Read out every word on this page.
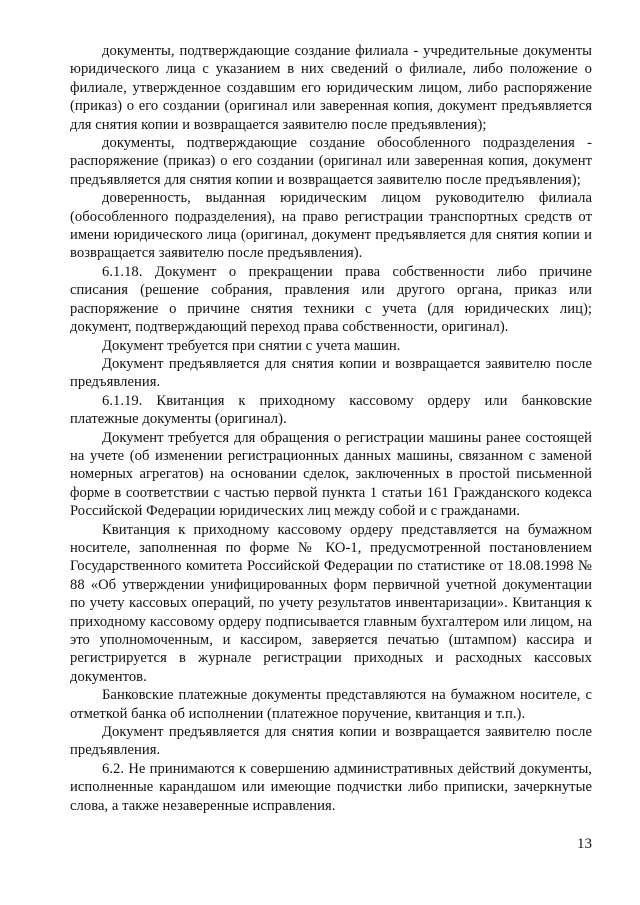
документы, подтверждающие создание филиала - учредительные документы юридического лица с указанием в них сведений о филиале, либо положение о филиале, утвержденное создавшим его юридическим лицом, либо распоряжение (приказ) о его создании (оригинал или заверенная копия, документ предъявляется для снятия копии и возвращается заявителю после предъявления);

документы, подтверждающие создание обособленного подразделения - распоряжение (приказ) о его создании (оригинал или заверенная копия, документ предъявляется для снятия копии и возвращается заявителю после предъявления);

доверенность, выданная юридическим лицом руководителю филиала (обособленного подразделения), на право регистрации транспортных средств от имени юридического лица (оригинал, документ предъявляется для снятия копии и возвращается заявителю после предъявления).

6.1.18. Документ о прекращении права собственности либо причине списания (решение собрания, правления или другого органа, приказ или распоряжение о причине снятия техники с учета (для юридических лиц); документ, подтверждающий переход права собственности, оригинал).

Документ требуется при снятии с учета машин.

Документ предъявляется для снятия копии и возвращается заявителю после предъявления.

6.1.19. Квитанция к приходному кассовому ордеру или банковские платежные документы (оригинал).

Документ требуется для обращения о регистрации машины ранее состоящей на учете (об изменении регистрационных данных машины, связанном с заменой номерных агрегатов) на основании сделок, заключенных в простой письменной форме в соответствии с частью первой пункта 1 статьи 161 Гражданского кодекса Российской Федерации юридических лиц между собой и с гражданами.

Квитанция к приходному кассовому ордеру представляется на бумажном носителе, заполненная по форме № КО-1, предусмотренной постановлением Государственного комитета Российской Федерации по статистике от 18.08.1998 № 88 «Об утверждении унифицированных форм первичной учетной документации по учету кассовых операций, по учету результатов инвентаризации». Квитанция к приходному кассовому ордеру подписывается главным бухгалтером или лицом, на это уполномоченным, и кассиром, заверяется печатью (штампом) кассира и регистрируется в журнале регистрации приходных и расходных кассовых документов.

Банковские платежные документы представляются на бумажном носителе, с отметкой банка об исполнении (платежное поручение, квитанция и т.п.).

Документ предъявляется для снятия копии и возвращается заявителю после предъявления.

6.2. Не принимаются к совершению административных действий документы, исполненные карандашом или имеющие подчистки либо приписки, зачеркнутые слова, а также незаверенные исправления.

13
